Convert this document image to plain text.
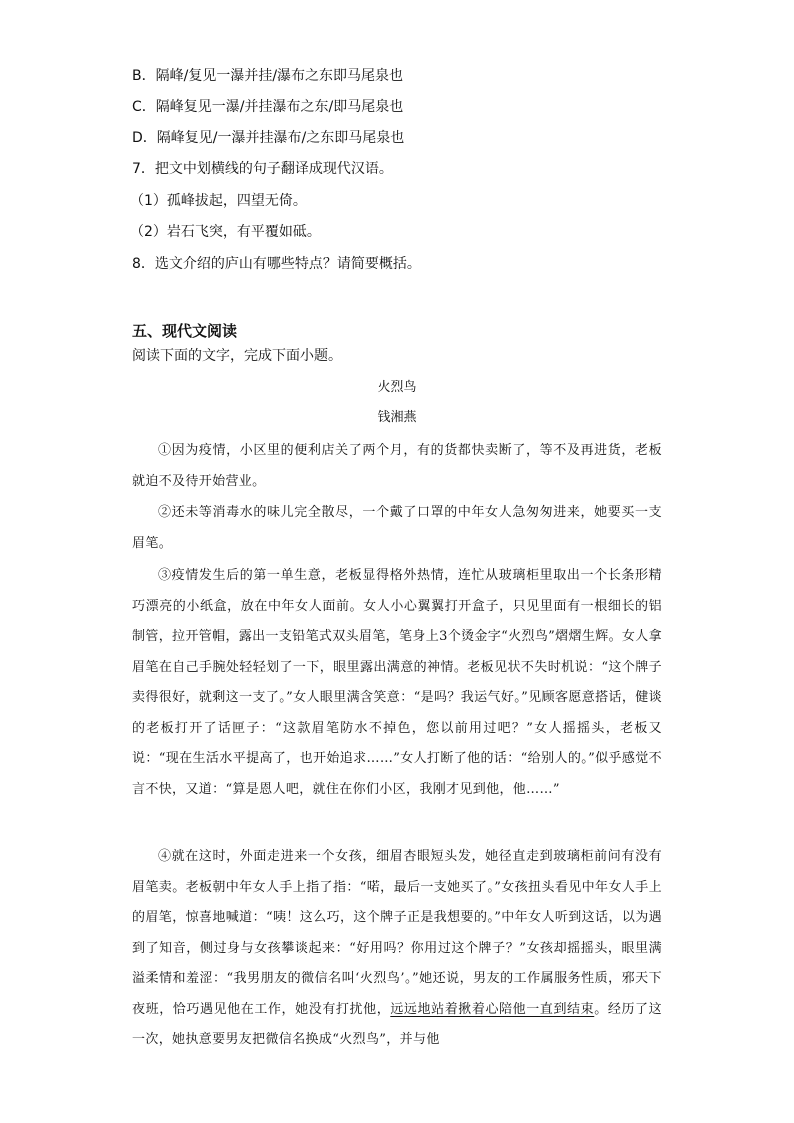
B．隔峰/复见一瀑并挂/瀑布之东即马尾泉也
C．隔峰复见一瀑/并挂瀑布之东/即马尾泉也
D．隔峰复见/一瀑并挂瀑布/之东即马尾泉也
7．把文中划横线的句子翻译成现代汉语。
（1）孤峰拔起，四望无倚。
（2）岩石飞突，有平覆如砥。
8．选文介绍的庐山有哪些特点？请简要概括。
五、现代文阅读
阅读下面的文字，完成下面小题。
火烈鸟
钱湘燕

①因为疫情，小区里的便利店关了两个月，有的货都快卖断了，等不及再进货，老板就迫不及待开始营业。

②还未等消毒水的味儿完全散尽，一个戴了口罩的中年女人急匆匆进来，她要买一支眉笔。

③疫情发生后的第一单生意，老板显得格外热情，连忙从玻璃柜里取出一个长条形精巧漂亮的小纸盒，放在中年女人面前。女人小心翼翼打开盒子，只见里面有一根细长的铝制管，拉开管帽，露出一支铅笔式双头眉笔，笔身上3个烫金字“火烈鸟”熠熠生辉。女人拿眉笔在自己手腕处轻轻划了一下，眼里露出满意的神情。老板见状不失时机说：“这个牌子卖得很好，就剩这一支了。”女人眼里满含笑意：“是吗？我运气好。”见顾客愿意搭话，健谈的老板打开了话匣子：“这款眉笔防水不掉色，您以前用过吧？”女人摇摇头，老板又说：“现在生活水平提高了，也开始追求……”女人打断了他的话：“给别人的。”似乎感觉不言不快，又道：“算是恩人吧，就住在你们小区，我刚才见到他，他……”

④就在这时，外面走进来一个女孩，细眉杏眼短头发，她径直走到玻璃柜前问有没有眉笔卖。老板朝中年女人手上指了指：“喏，最后一支她买了。”女孩扭头看见中年女人手上的眉笔，惊喜地喊道：“咦！这么巧，这个牌子正是我想要的。”中年女人听到这话，以为遇到了知音，侧过身与女孩攀谈起来：“好用吗？你用过这个牌子？”女孩却摇摇头，眼里满溢柔情和羞涩：“我男朋友的微信名叫‘火烈鸟’。”她还说，男友的工作属服务性质，邪天下夜班，恰巧遇见他在工作，她没有打扰他，远远地站着揪着心陪他一直到结束。经历了这一次，她执意要男友把微信名换成“火烈鸟”，并与他
